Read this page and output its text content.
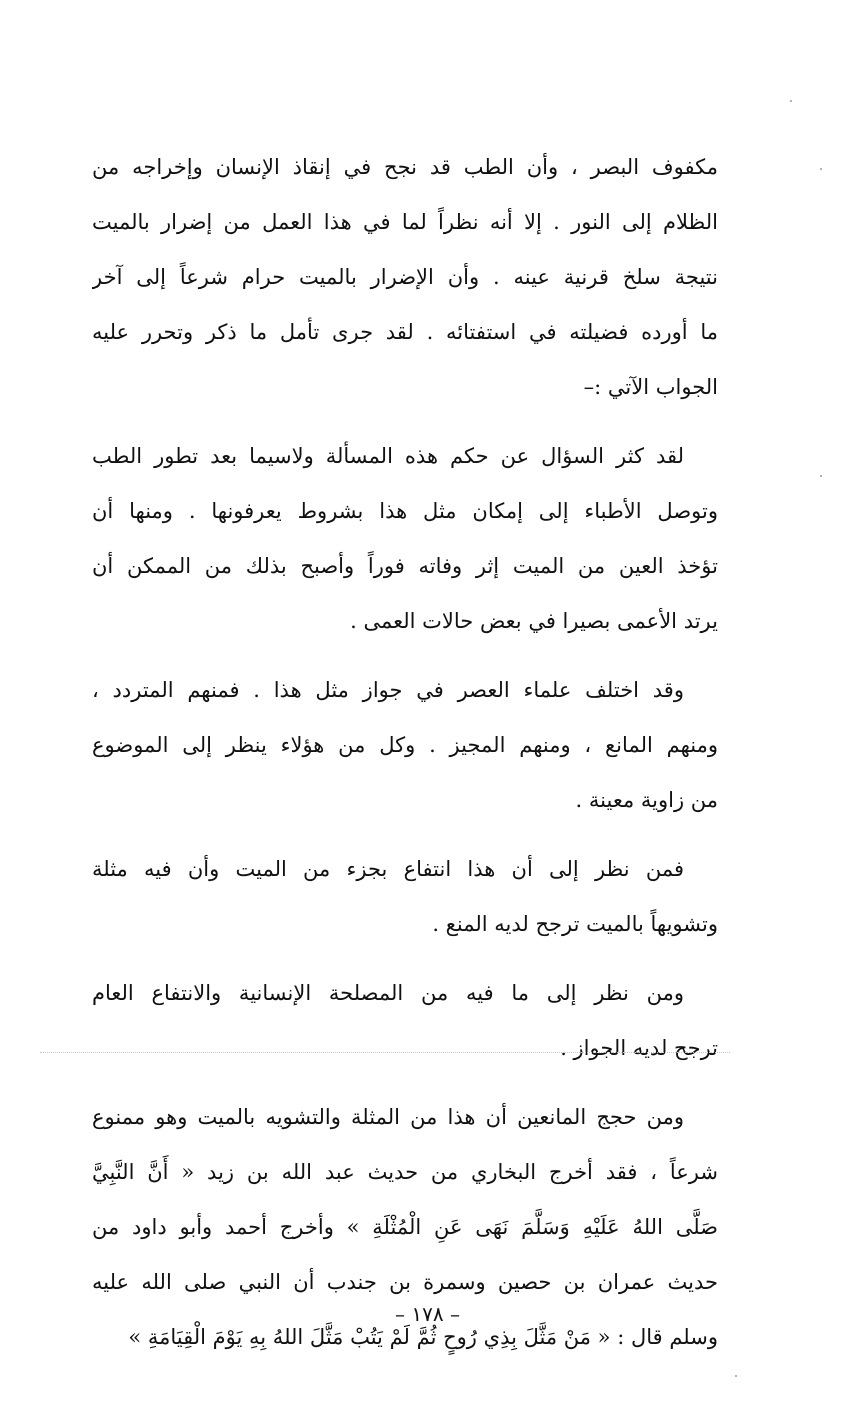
مكفوف البصر ، وأن الطب قد نجح في إنقاذ الإنسان وإخراجه من
الظلام إلى النور . إلا أنه نظراً لما في هذا العمل من إضرار بالميت
نتيجة سلخ قرنية عينه . وأن الإضرار بالميت حرام شرعاً إلى آخر
ما أورده فضيلته في استفتائه . لقد جرى تأمل ما ذكر وتحرر عليه
الجواب الآتي :–
لقد كثر السؤال عن حكم هذه المسألة ولاسيما بعد تطور الطب
وتوصل الأطباء إلى إمكان مثل هذا بشروط يعرفونها . ومنها أن
تؤخذ العين من الميت إثر وفاته فوراً وأصبح بذلك من الممكن أن
يرتد الأعمى بصيرا في بعض حالات العمى .
وقد اختلف علماء العصر في جواز مثل هذا . فمنهم المتردد ،
ومنهم المانع ، ومنهم المجيز . وكل من هؤلاء ينظر إلى الموضوع
من زاوية معينة .
فمن نظر إلى أن هذا انتفاع بجزء من الميت وأن فيه مثلة
وتشويهاً بالميت ترجح لديه المنع .
ومن نظر إلى ما فيه من المصلحة الإنسانية والانتفاع العام
ترجح لديه الجواز .
ومن حجج المانعين أن هذا من المثلة والتشويه بالميت وهو ممنوع
شرعاً ، فقد أخرج البخاري من حديث عبد الله بن زيد « أَنَّ النَّبِيَّ
صَلَّى اللهُ عَلَيْهِ وَسَلَّمَ نَهَى عَنِ الْمُثْلَةِ » وأخرج أحمد وأبو داود من
حديث عمران بن حصين وسمرة بن جندب أن النبي صلى الله عليه
وسلم قال : « مَنْ مَثَّلَ بِذِي رُوحٍ ثُمَّ لَمْ يَتُبْ مَثَّلَ اللهُ بِهِ يَوْمَ الْقِيَامَةِ »
– ١٧٨ –
